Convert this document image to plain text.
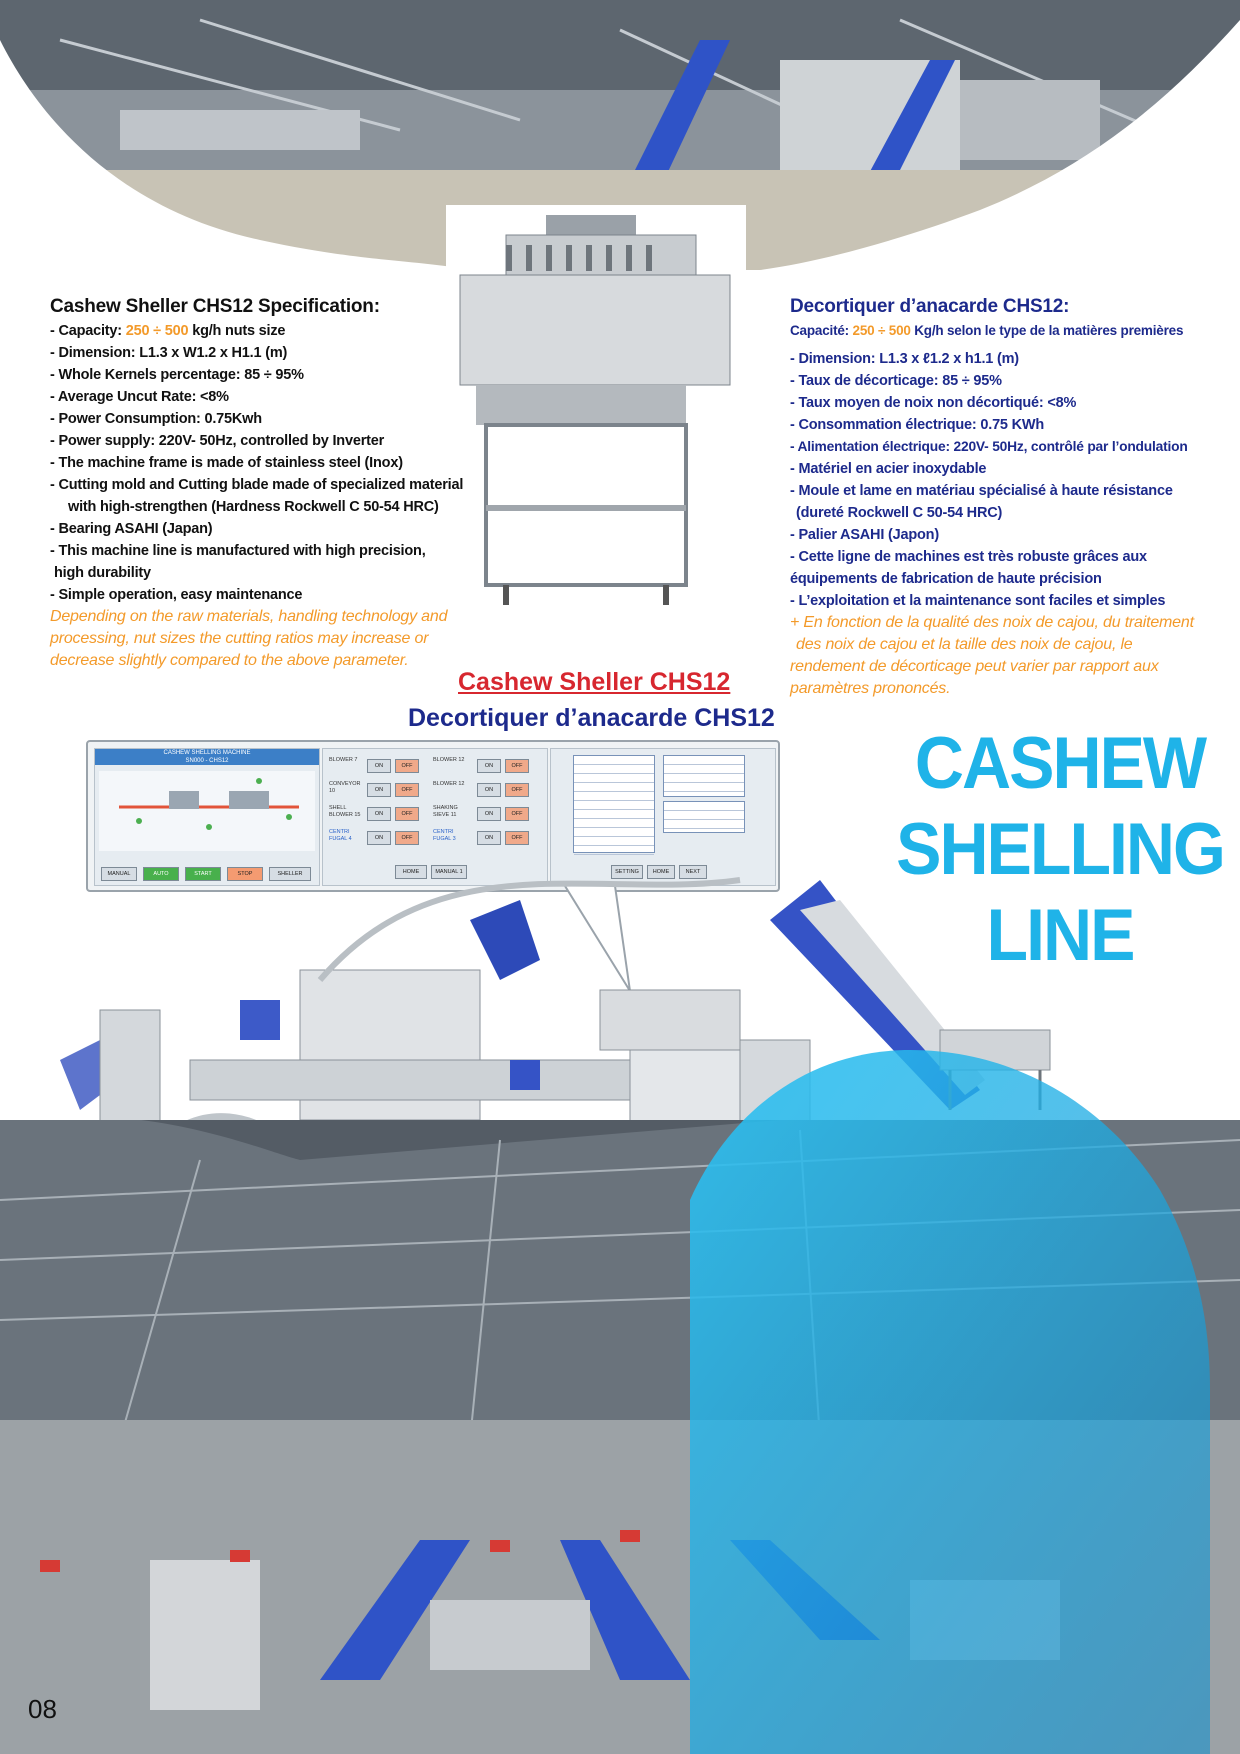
Cashew Sheller CHS12 Specification:
- Capacity: 250 ÷ 500 kg/h nuts size
- Dimension: L1.3 x W1.2 x H1.1 (m)
- Whole Kernels percentage: 85 ÷ 95%
- Average Uncut Rate: <8%
- Power Consumption: 0.75Kwh
- Power supply: 220V- 50Hz, controlled by Inverter
- The machine frame is made of stainless steel (Inox)
- Cutting mold and Cutting blade made of specialized material
with high-strengthen (Hardness Rockwell C 50-54 HRC)
- Bearing ASAHI (Japan)
- This machine line is manufactured with high precision,
high durability
- Simple operation, easy maintenance
Depending on the raw materials, handling technology and
processing, nut sizes the cutting ratios may increase or
decrease slightly compared to the above parameter.
Decortiquer d’anacarde CHS12:
Capacité: 250 ÷ 500 Kg/h selon le type de la matières premières
- Dimension: L1.3 x ℓ1.2 x h1.1 (m)
- Taux de décorticage: 85 ÷ 95%
- Taux moyen de noix non décortiqué: <8%
- Consommation électrique: 0.75 KWh
- Alimentation électrique: 220V- 50Hz, contrôlé par l’ondulation
- Matériel en acier inoxydable
- Moule et lame en matériau spécialisé à haute résistance
(dureté Rockwell C 50-54 HRC)
- Palier ASAHI (Japon)
- Cette ligne de machines est très robuste grâces aux
équipements de fabrication de haute précision
- L’exploitation et la maintenance sont faciles et simples
+ En fonction de la qualité des noix de cajou, du traitement
des noix de cajou et la taille des noix de cajou, le
rendement de décorticage peut varier par rapport aux
paramètres prononcés.
Cashew Sheller CHS12
Decortiquer d’anacarde CHS12
CASHEW
SHELLING
LINE
CASHEW SHELLING MACHINE
SN000 - CHS12
MANUAL	AUTO	START	STOP	SHELLER
BLOWER 7
ON	OFF
BLOWER 12
ON	OFF
CONVEYOR 10	ON	OFF
BLOWER 12
ON	OFF
SHELL BLOWER 15	ON	OFF
SHAKING SIEVE 11	ON	OFF
CENTRI FUGAL 4	ON	OFF
CENTRI FUGAL 3	ON	OFF
HOME	MANUAL 1	SETTING	HOME	NEXT
08
